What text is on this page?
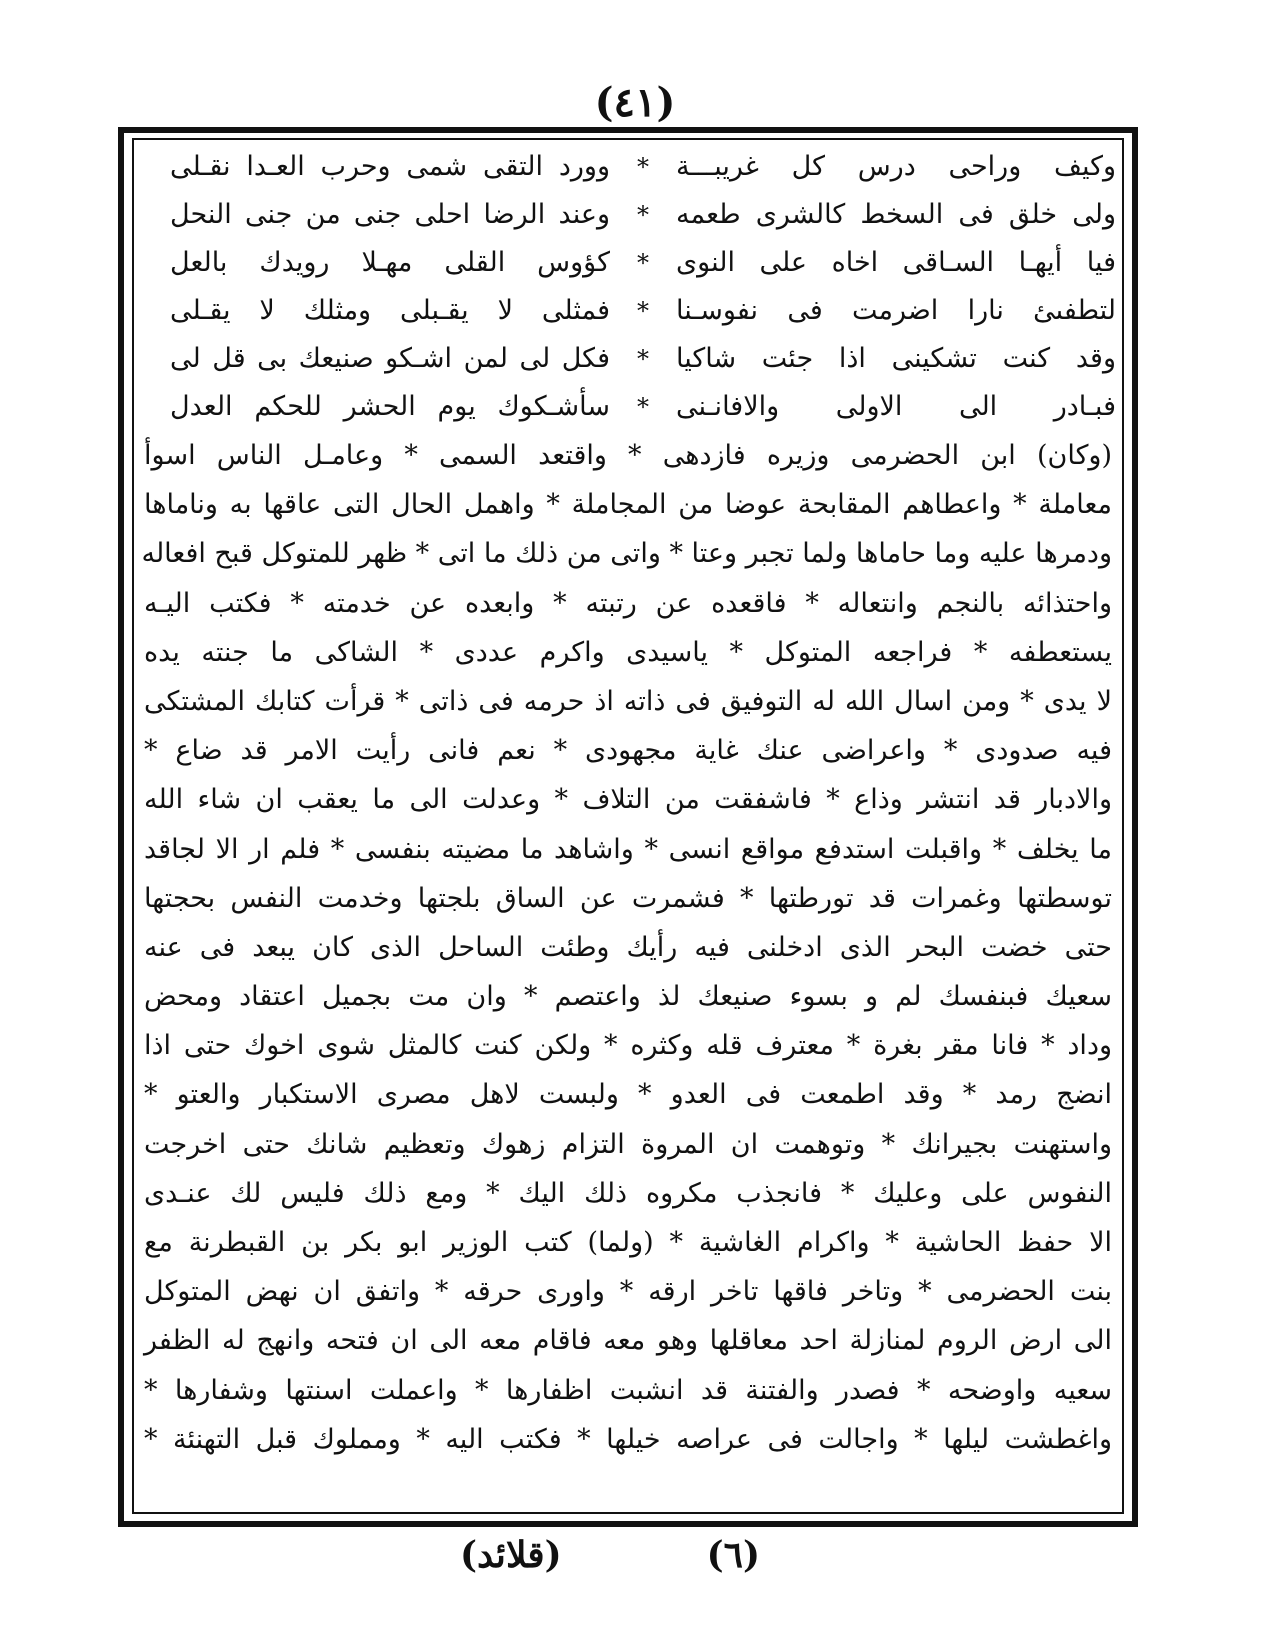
(٤١)
وكيف وراحى درس كل غريبـــة
*
وورد التقى شمى وحرب العـدا نقـلى
ولى خلق فى السخط كالشرى طعمه
*
وعند الرضا احلى جنى من جنى النحل
فيا أيهـا السـاقى اخاه على النوى
*
كؤوس القلى مهـلا رويدك بالعل
لتطفىئ نارا اضرمت فى نفوسـنا
*
فمثلى لا يقـبلى ومثلك لا يقـلى
وقد كنت تشكينى اذا جئت شاكيا
*
فكل لى لمن اشـكو صنيعك بى قل لى
فبـادر الى الاولى والافانـنى
*
سأشـكوك يوم الحشر للحكم العدل
(وكان) ابن الحضرمى وزيره فازدهى * واقتعد السمى * وعامـل الناس اسوأ
معاملة * واعطاهم المقابحة عوضا من المجاملة * واهمل الحال التى عاقها به وناماها
ودمرها عليه وما حاماها ولما تجبر وعتا * واتى من ذلك ما اتى * ظهر للمتوكل قبح افعاله
واحتذائه بالنجم وانتعاله * فاقعده عن رتبته * وابعده عن خدمته * فكتب اليـه
يستعطفه * فراجعه المتوكل * ياسيدى واكرم عددى * الشاكى ما جنته يده
لا يدى * ومن اسال الله له التوفيق فى ذاته اذ حرمه فى ذاتى * قرأت كتابك المشتكى
فيه صدودى * واعراضى عنك غاية مجهودى * نعم فانى رأيت الامر قد ضاع *
والادبار قد انتشر وذاع * فاشفقت من التلاف * وعدلت الى ما يعقب ان شاء الله
ما يخلف * واقبلت استدفع مواقع انسى * واشاهد ما مضيته بنفسى * فلم ار الا لجاقد
توسطتها وغمرات قد تورطتها * فشمرت عن الساق بلجتها وخدمت النفس بحجتها
حتى خضت البحر الذى ادخلنى فيه رأيك وطئت الساحل الذى كان يبعد فى عنه
سعيك فبنفسك لم و بسوء صنيعك لذ واعتصم * وان مت بجميل اعتقاد ومحض
وداد * فانا مقر بغرة * معترف قله وكثره * ولكن كنت كالمثل شوى اخوك حتى اذا
انضج رمد * وقد اطمعت فى العدو * ولبست لاهل مصرى الاستكبار والعتو *
واستهنت بجيرانك * وتوهمت ان المروة التزام زهوك وتعظيم شانك حتى اخرجت
النفوس على وعليك * فانجذب مكروه ذلك اليك * ومع ذلك فليس لك عنـدى
الا حفظ الحاشية * واكرام الغاشية * (ولما) كتب الوزير ابو بكر بن القبطرنة مع
بنت الحضرمى * وتاخر فاقها تاخر ارقه * واورى حرقه * واتفق ان نهض المتوكل
الى ارض الروم لمنازلة احد معاقلها وهو معه فاقام معه الى ان فتحه وانهج له الظفر
سعيه واوضحه * فصدر والفتنة قد انشبت اظفارها * واعملت اسنتها وشفارها *
واغطشت ليلها * واجالت فى عراصه خيلها * فكتب اليه * ومملوك قبل التهنئة *
(٦)
(قلائد)
